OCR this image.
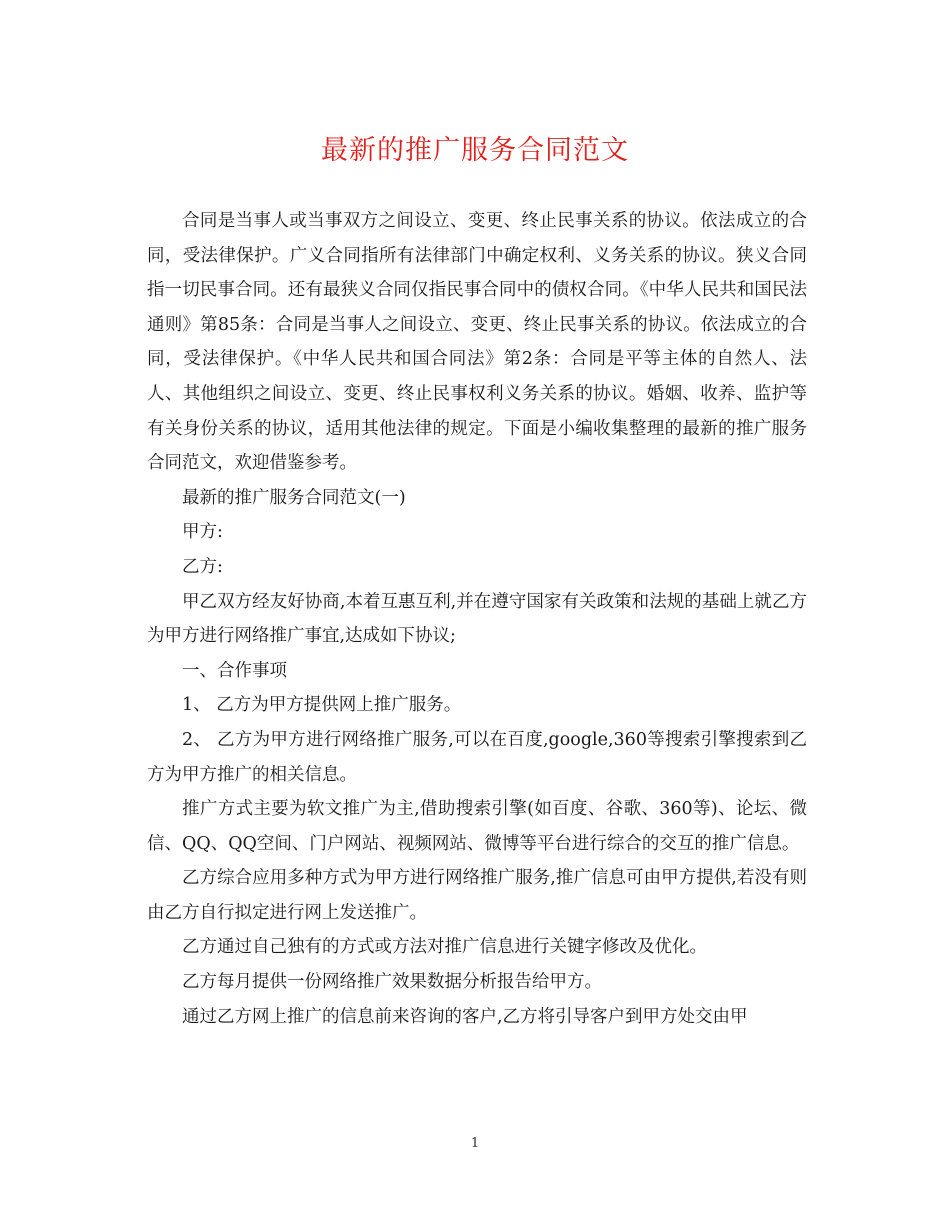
最新的推广服务合同范文

合同是当事人或当事双方之间设立、变更、终止民事关系的协议。依法成立的合同，受法律保护。广义合同指所有法律部门中确定权利、义务关系的协议。狭义合同指一切民事合同。还有最狭义合同仅指民事合同中的债权合同。《中华人民共和国民法通则》第85条：合同是当事人之间设立、变更、终止民事关系的协议。依法成立的合同，受法律保护。《中华人民共和国合同法》第2条：合同是平等主体的自然人、法人、其他组织之间设立、变更、终止民事权利义务关系的协议。婚姻、收养、监护等有关身份关系的协议，适用其他法律的规定。下面是小编收集整理的最新的推广服务合同范文，欢迎借鉴参考。

最新的推广服务合同范文(一)

甲方:

乙方:

甲乙双方经友好协商,本着互惠互利,并在遵守国家有关政策和法规的基础上就乙方为甲方进行网络推广事宜,达成如下协议;

一、合作事项

1、 乙方为甲方提供网上推广服务。

2、 乙方为甲方进行网络推广服务,可以在百度,google,360等搜索引擎搜索到乙方为甲方推广的相关信息。

推广方式主要为软文推广为主,借助搜索引擎(如百度、谷歌、360等)、论坛、微信、QQ、QQ空间、门户网站、视频网站、微博等平台进行综合的交互的推广信息。

乙方综合应用多种方式为甲方进行网络推广服务,推广信息可由甲方提供,若没有则由乙方自行拟定进行网上发送推广。

乙方通过自己独有的方式或方法对推广信息进行关键字修改及优化。

乙方每月提供一份网络推广效果数据分析报告给甲方。

通过乙方网上推广的信息前来咨询的客户,乙方将引导客户到甲方处交由甲

1
